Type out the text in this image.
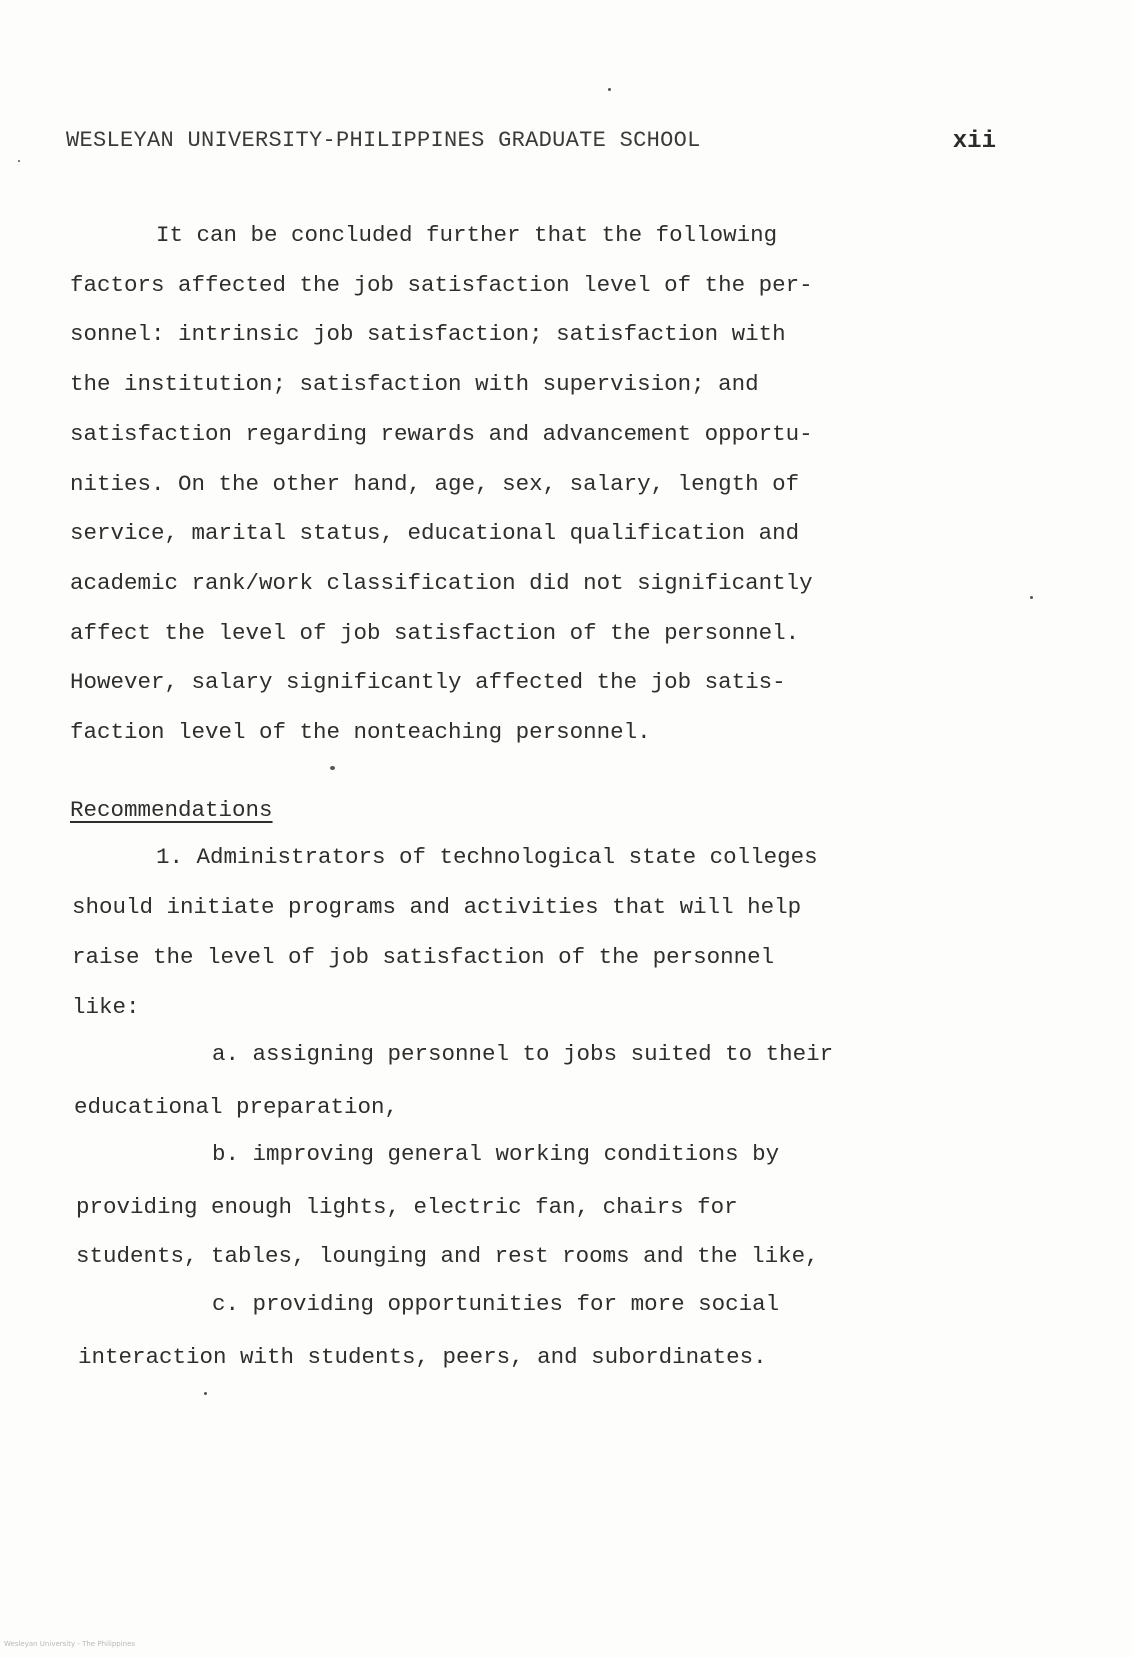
WESLEYAN UNIVERSITY-PHILIPPINES GRADUATE SCHOOL	xii
It can be concluded further that the following
factors affected the job satisfaction level of the per-
sonnel: intrinsic job satisfaction; satisfaction with
the institution; satisfaction with supervision; and
satisfaction regarding rewards and advancement opportu-
nities. On the other hand, age, sex, salary, length of
service, marital status, educational qualification and
academic rank/work classification did not significantly
affect the level of job satisfaction of the personnel.
However, salary significantly affected the job satis-
faction level of the nonteaching personnel.
Recommendations
1. Administrators of technological state colleges
should initiate programs and activities that will help
raise the level of job satisfaction of the personnel
like:
a. assigning personnel to jobs suited to their
educational preparation,
b. improving general working conditions by
providing enough lights, electric fan, chairs for
students, tables, lounging and rest rooms and the like,
c. providing opportunities for more social
interaction with students, peers, and subordinates.
Wesleyan University - The Philippines
